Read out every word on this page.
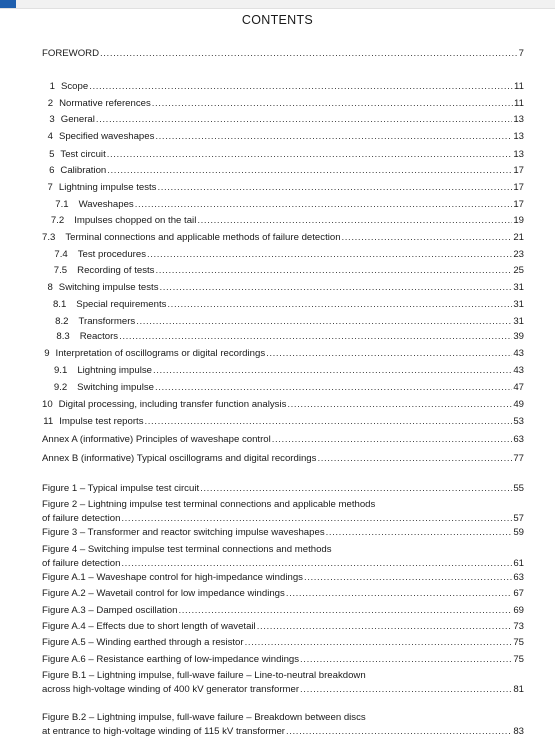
CONTENTS
FOREWORD .....	7
1 Scope .....	11
2 Normative references .....	11
3 General .....	13
4 Specified waveshapes .....	13
5 Test circuit .....	13
6 Calibration .....	17
7 Lightning impulse tests .....	17
7.1	Waveshapes .....	17
7.2	Impulses chopped on the tail .....	19
7.3	Terminal connections and applicable methods of failure detection .....	21
7.4	Test procedures .....	23
7.5	Recording of tests .....	25
8 Switching impulse tests .....	31
8.1	Special requirements .....	31
8.2	Transformers .....	31
8.3	Reactors .....	39
9 Interpretation of oscillograms or digital recordings .....	43
9.1	Lightning impulse .....	43
9.2	Switching impulse .....	47
10 Digital processing, including transfer function analysis .....	49
11 Impulse test reports .....	53
Annex A (informative) Principles of waveshape control .....	63
Annex B (informative) Typical oscillograms and digital recordings .....	77
Figure 1 – Typical impulse test circuit .....	55
Figure 2 – Lightning impulse test terminal connections and applicable methods
of failure detection .....	57
Figure 3 – Transformer and reactor switching impulse waveshapes .....	59
Figure 4 – Switching impulse test terminal connections and methods
of failure detection .....	61
Figure A.1 – Waveshape control for high-impedance windings .....	63
Figure A.2 – Wavetail control for low impedance windings .....	67
Figure A.3 – Damped oscillation .....	69
Figure A.4 – Effects due to short length of wavetail .....	73
Figure A.5 – Winding earthed through a resistor .....	75
Figure A.6 – Resistance earthing of low-impedance windings .....	75
Figure B.1 – Lightning impulse, full-wave failure – Line-to-neutral breakdown
across high-voltage winding of 400 kV generator transformer .....	81
Figure B.2 – Lightning impulse, full-wave failure – Breakdown between discs
at entrance to high-voltage winding of 115 kV transformer .....	83
